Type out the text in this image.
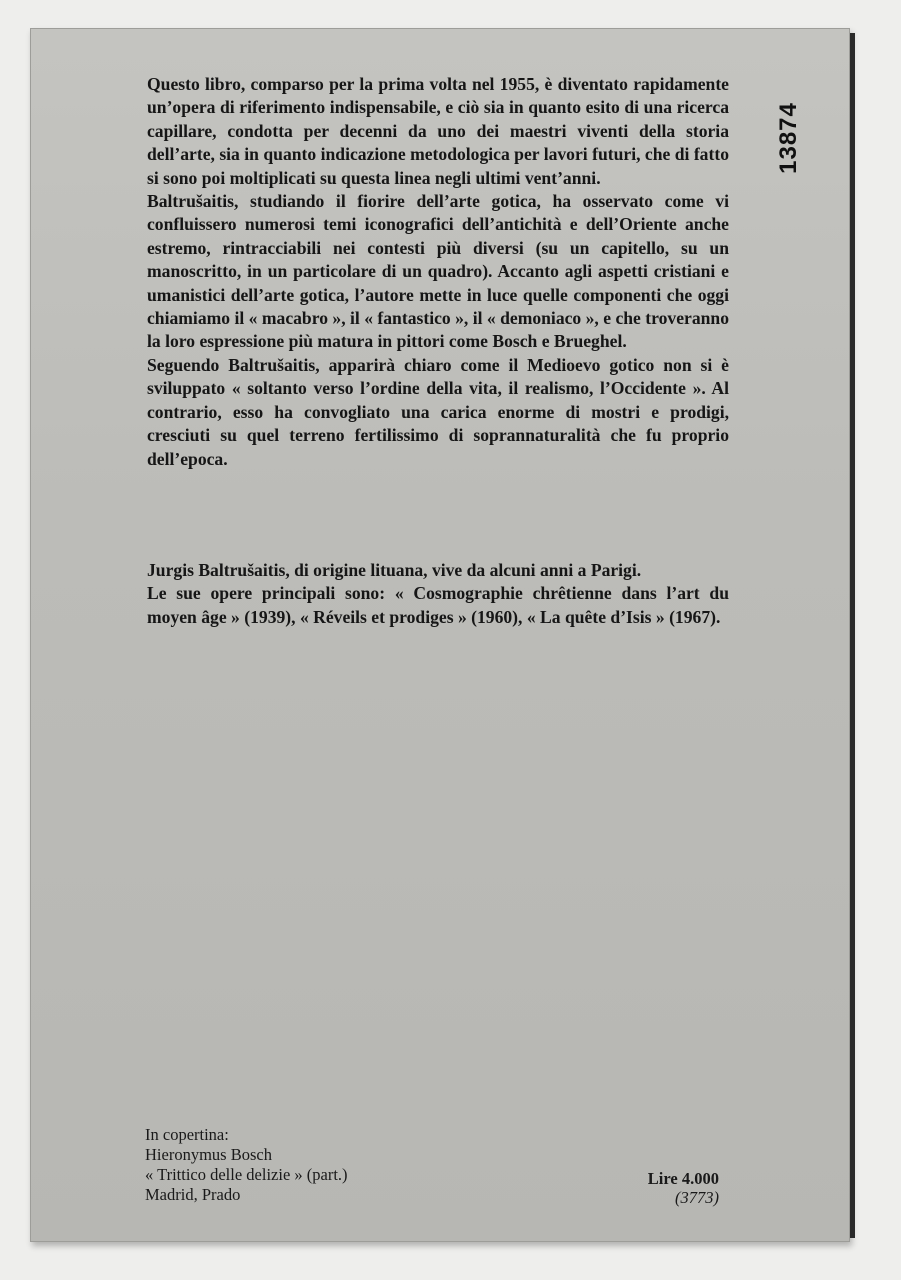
Questo libro, comparso per la prima volta nel 1955, è diventato rapidamente un’opera di riferimento indispensabile, e ciò sia in quanto esito di una ricerca capillare, condotta per decenni da uno dei maestri viventi della storia dell’arte, sia in quanto indicazione metodologica per lavori futuri, che di fatto si sono poi moltiplicati su questa linea negli ultimi vent’anni.

Baltrušaitis, studiando il fiorire dell’arte gotica, ha osservato come vi confluissero numerosi temi iconografici dell’antichità e dell’Oriente anche estremo, rintracciabili nei contesti più diversi (su un capitello, su un manoscritto, in un particolare di un quadro). Accanto agli aspetti cristiani e umanistici dell’arte gotica, l’autore mette in luce quelle componenti che oggi chiamiamo il « macabro », il « fantastico », il « demoniaco », e che troveranno la loro espressione più matura in pittori come Bosch e Brueghel.

Seguendo Baltrušaitis, apparirà chiaro come il Medioevo gotico non si è sviluppato « soltanto verso l’ordine della vita, il realismo, l’Occidente ». Al contrario, esso ha convogliato una carica enorme di mostri e prodigi, cresciuti su quel terreno fertilissimo di soprannaturalità che fu proprio dell’epoca.

Jurgis Baltrušaitis, di origine lituana, vive da alcuni anni a Parigi.

Le sue opere principali sono: « Cosmographie chrêtienne dans l’art du moyen âge » (1939), « Réveils et prodiges » (1960), « La quête d’Isis » (1967).

13874
In copertina:
Hieronymus Bosch
« Trittico delle delizie » (part.)
Madrid, Prado
Lire 4.000
(3773)
